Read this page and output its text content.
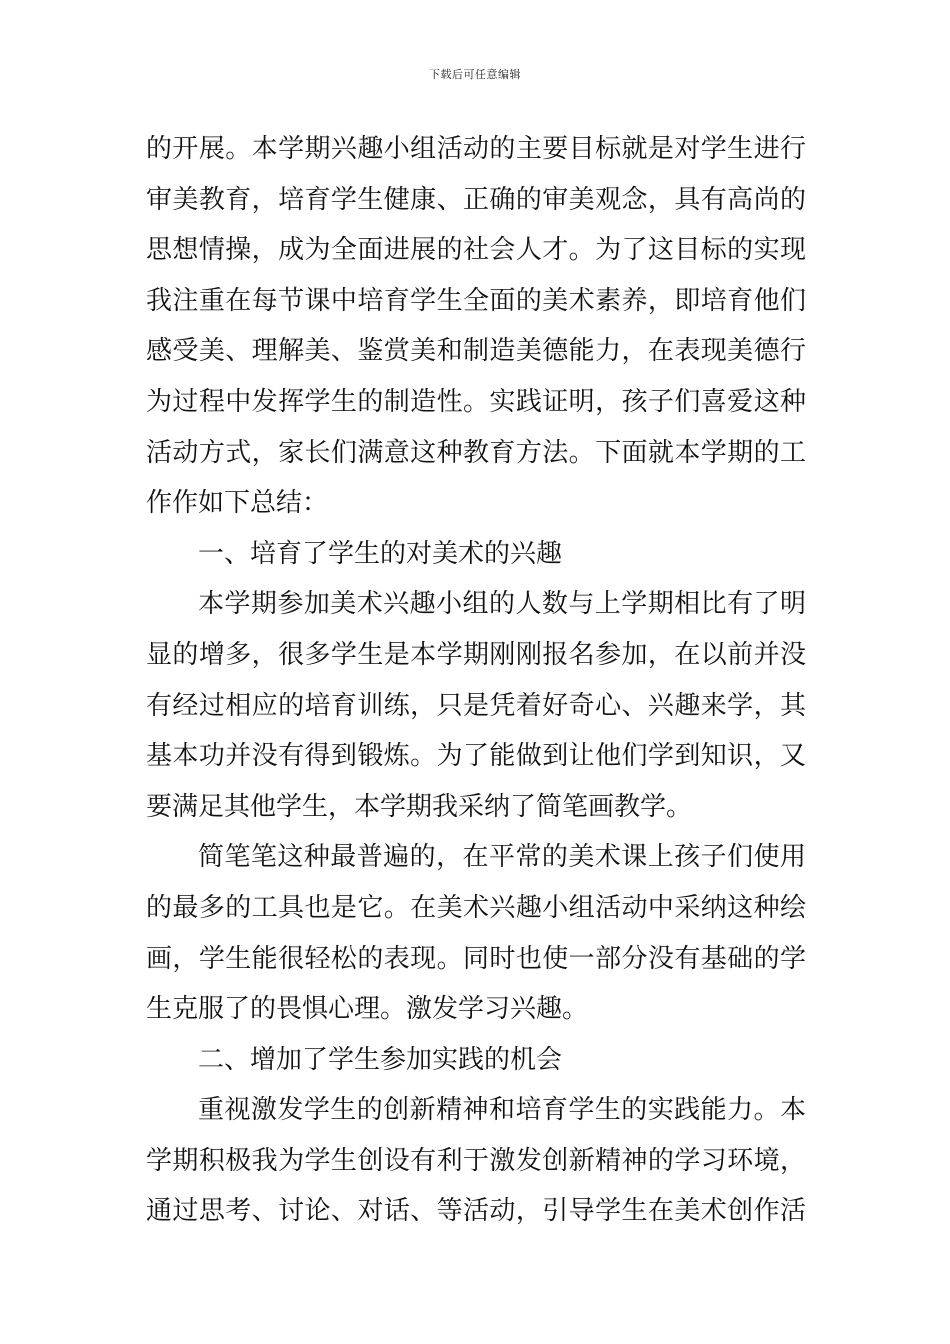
下载后可任意编辑
的开展。本学期兴趣小组活动的主要目标就是对学生进行
审美教育，培育学生健康、正确的审美观念，具有高尚的
思想情操，成为全面进展的社会人才。为了这目标的实现
我注重在每节课中培育学生全面的美术素养，即培育他们
感受美、理解美、鉴赏美和制造美德能力，在表现美德行
为过程中发挥学生的制造性。实践证明，孩子们喜爱这种
活动方式，家长们满意这种教育方法。下面就本学期的工
作作如下总结：
一、培育了学生的对美术的兴趣
本学期参加美术兴趣小组的人数与上学期相比有了明
显的增多，很多学生是本学期刚刚报名参加，在以前并没
有经过相应的培育训练，只是凭着好奇心、兴趣来学，其
基本功并没有得到锻炼。为了能做到让他们学到知识，又
要满足其他学生，本学期我采纳了简笔画教学。
简笔笔这种最普遍的，在平常的美术课上孩子们使用
的最多的工具也是它。在美术兴趣小组活动中采纳这种绘
画，学生能很轻松的表现。同时也使一部分没有基础的学
生克服了的畏惧心理。激发学习兴趣。
二、增加了学生参加实践的机会
重视激发学生的创新精神和培育学生的实践能力。本
学期积极我为学生创设有利于激发创新精神的学习环境，
通过思考、讨论、对话、等活动，引导学生在美术创作活
